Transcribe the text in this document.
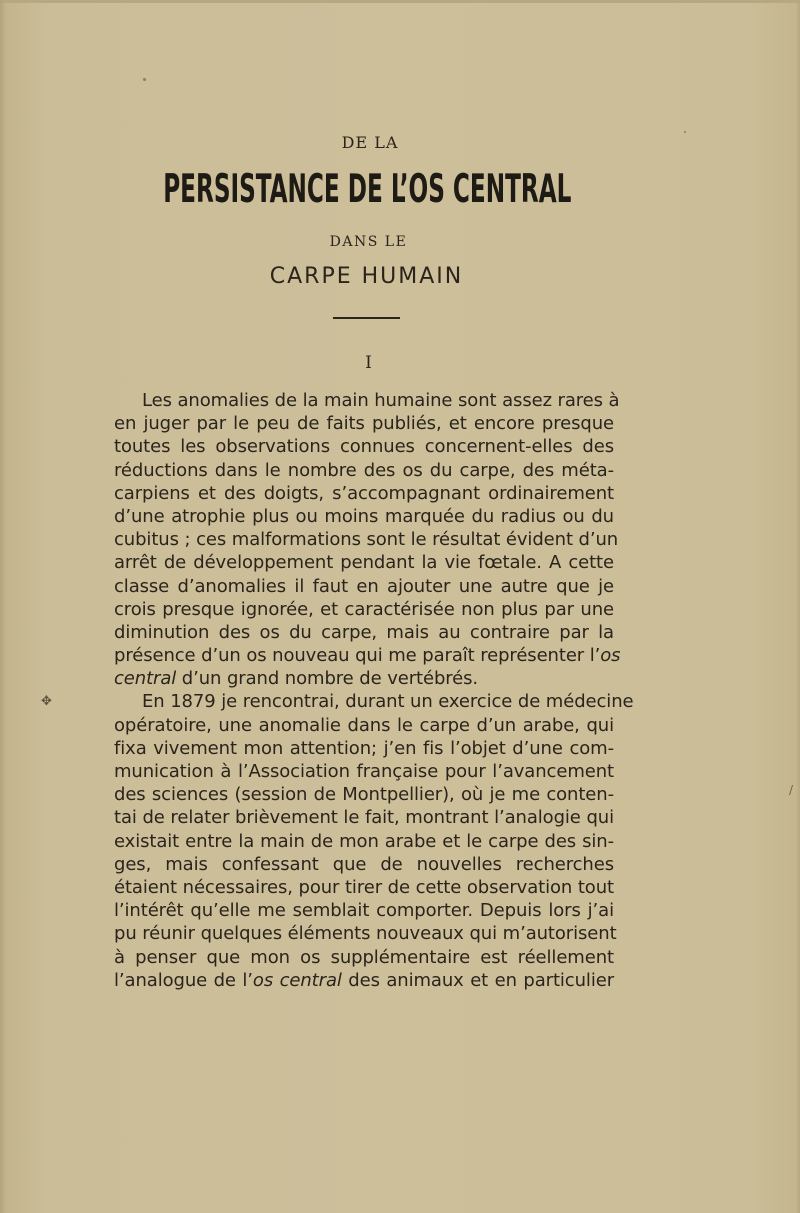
DE LA
PERSISTANCE DE L’OS CENTRAL
DANS LE
CARPE HUMAIN
I
Les anomalies de la main humaine sont assez rares à
en juger par le peu de faits publiés, et encore presque
toutes les observations connues concernent-elles des
réductions dans le nombre des os du carpe, des méta-
carpiens et des doigts, s’accompagnant ordinairement
d’une atrophie plus ou moins marquée du radius ou du
cubitus ; ces malformations sont le résultat évident d’un
arrêt de développement pendant la vie fœtale. A cette
classe d’anomalies il faut en ajouter une autre que je
crois presque ignorée, et caractérisée non plus par une
diminution des os du carpe, mais au contraire par la
présence d’un os nouveau qui me paraît représenter l’os
central d’un grand nombre de vertébrés.
En 1879 je rencontrai, durant un exercice de médecine
opératoire, une anomalie dans le carpe d’un arabe, qui
fixa vivement mon attention; j’en fis l’objet d’une com-
munication à l’Association française pour l’avancement
des sciences (session de Montpellier), où je me conten-
tai de relater brièvement le fait, montrant l’analogie qui
existait entre la main de mon arabe et le carpe des sin-
ges, mais confessant que de nouvelles recherches
étaient nécessaires, pour tirer de cette observation tout
l’intérêt qu’elle me semblait comporter. Depuis lors j’ai
pu réunir quelques éléments nouveaux qui m’autorisent
à penser que mon os supplémentaire est réellement
l’analogue de l’os central des animaux et en particulier
✥
/
